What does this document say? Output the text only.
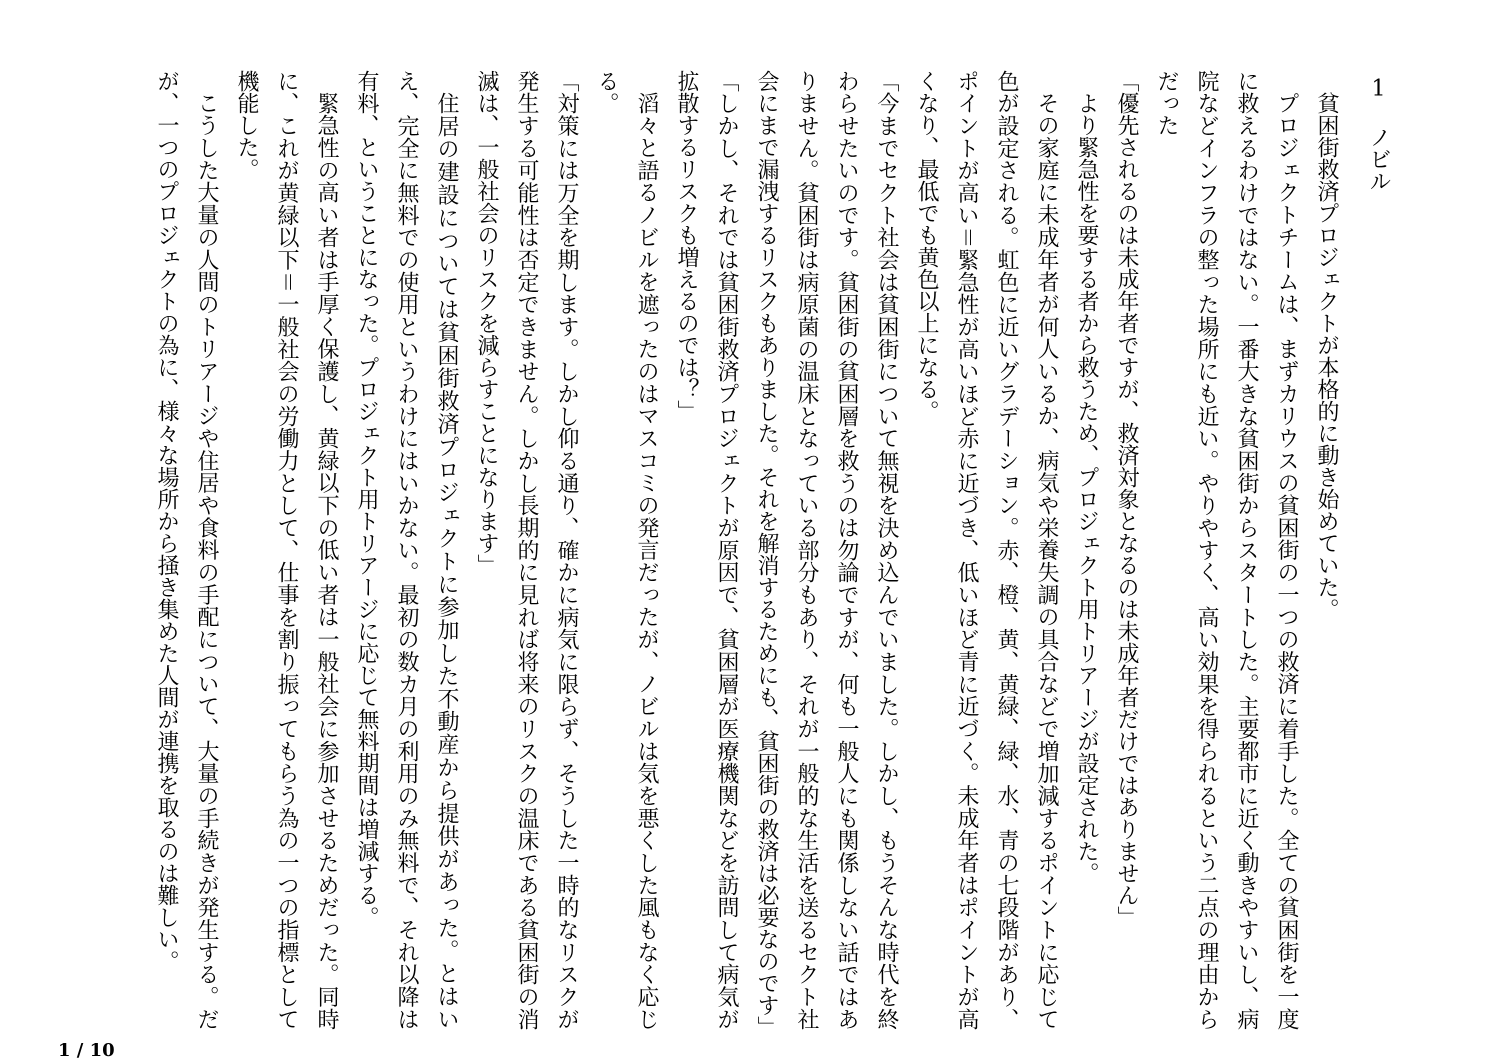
1ノビル

貧困街救済プロジェクトが本格的に動き始めていた。

プロジェクトチームは、まずカリウスの貧困街の一つの救済に着手した。全ての貧困街を一度に救えるわけではない。一番大きな貧困街からスタートした。主要都市に近く動きやすいし、病院などインフラの整った場所にも近い。やりやすく、高い効果を得られるという二点の理由からだった

「優先されるのは未成年者ですが、救済対象となるのは未成年者だけではありません」

より緊急性を要する者から救うため、プロジェクト用トリアージが設定された。

その家庭に未成年者が何人いるか、病気や栄養失調の具合などで増加減するポイントに応じて色が設定される。虹色に近いグラデーション。赤、橙、黄、黄緑、緑、水、青の七段階があり、ポイントが高い＝緊急性が高いほど赤に近づき、低いほど青に近づく。未成年者はポイントが高くなり、最低でも黄色以上になる。

「今までセクト社会は貧困街について無視を決め込んでいました。しかし、もうそんな時代を終わらせたいのです。貧困街の貧困層を救うのは勿論ですが、何も一般人にも関係しない話ではありません。貧困街は病原菌の温床となっている部分もあり、それが一般的な生活を送るセクト社会にまで漏洩するリスクもありました。それを解消するためにも、貧困街の救済は必要なのです」

「しかし、それでは貧困街救済プロジェクトが原因で、貧困層が医療機関などを訪問して病気が拡散するリスクも増えるのでは？」

滔々と語るノビルを遮ったのはマスコミの発言だったが、ノビルは気を悪くした風もなく応じる。

「対策には万全を期します。しかし仰る通り、確かに病気に限らず、そうした一時的なリスクが発生する可能性は否定できません。しかし長期的に見れば将来のリスクの温床である貧困街の消滅は、一般社会のリスクを減らすことになります」

住居の建設については貧困街救済プロジェクトに参加した不動産から提供があった。とはいえ、完全に無料での使用というわけにはいかない。最初の数カ月の利用のみ無料で、それ以降は有料、ということになった。プロジェクト用トリアージに応じて無料期間は増減する。

緊急性の高い者は手厚く保護し、黄緑以下の低い者は一般社会に参加させるためだった。同時に、これが黄緑以下＝一般社会の労働力として、仕事を割り振ってもらう為の一つの指標として機能した。

こうした大量の人間のトリアージや住居や食料の手配について、大量の手続きが発生する。だが、一つのプロジェクトの為に、様々な場所から掻き集めた人間が連携を取るのは難しい。

1 / 10
